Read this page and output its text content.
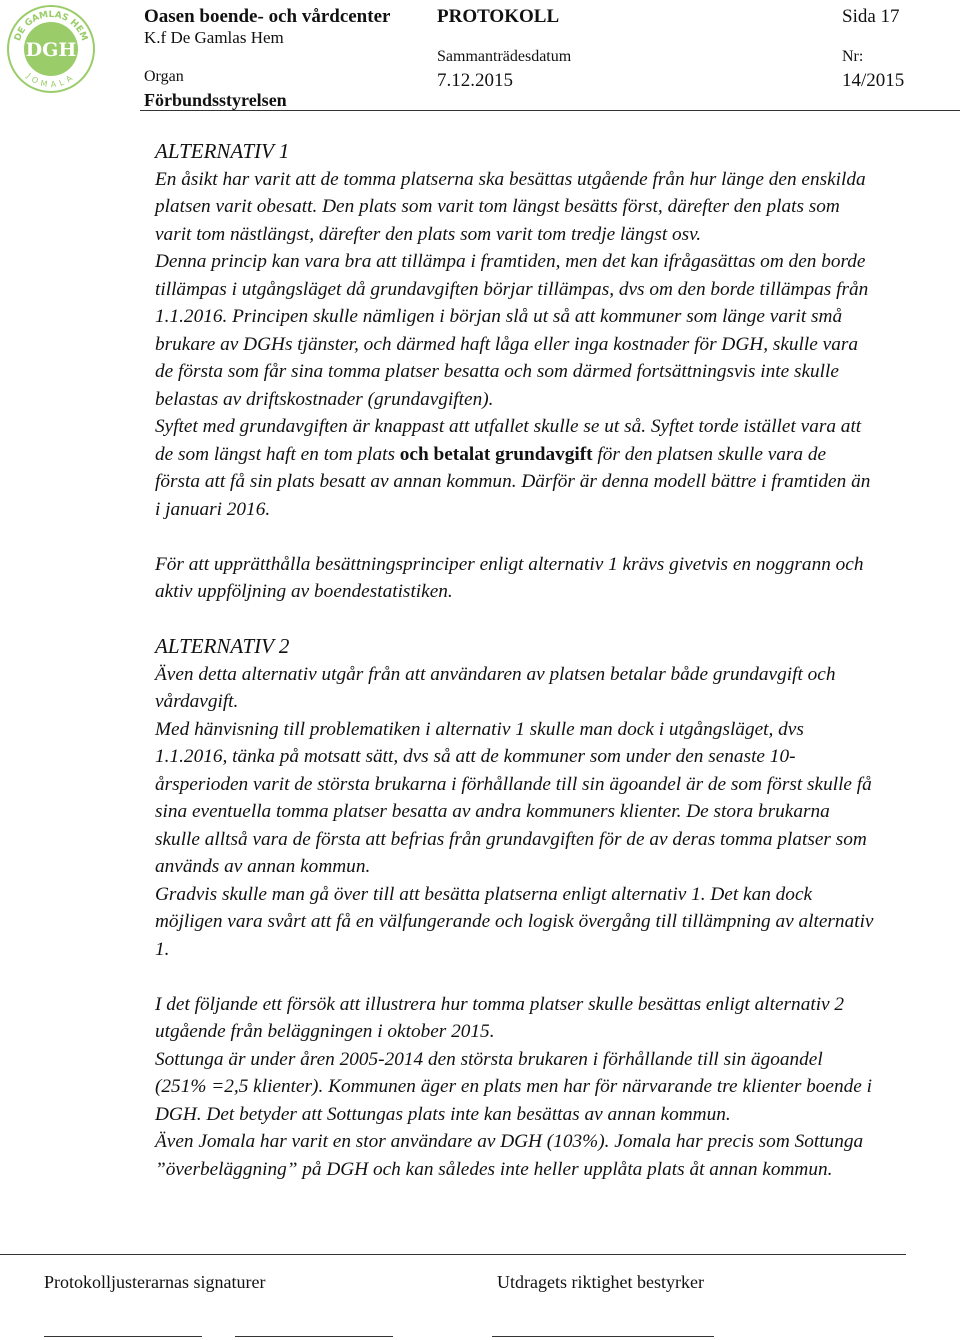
DE GAMLAS HEM
JOMALA
DGH
Oasen boende- och vårdcenter
K.f De Gamlas Hem
Organ
Förbundsstyrelsen
PROTOKOLL
Sammanträdesdatum
7.12.2015
Sida 17
Nr:
14/2015

ALTERNATIV 1

En åsikt har varit att de tomma platserna ska besättas utgående från hur länge den enskilda platsen varit obesatt. Den plats som varit tom längst besätts först, därefter den plats som varit tom nästlängst, därefter den plats som varit tom tredje längst osv.

Denna princip kan vara bra att tillämpa i framtiden, men det kan ifrågasättas om den borde tillämpas i utgångsläget då grundavgiften börjar tillämpas, dvs om den borde tillämpas från 1.1.2016. Principen skulle nämligen i början slå ut så att kommuner som länge varit små brukare av DGHs tjänster, och därmed haft låga eller inga kostnader för DGH, skulle vara de första som får sina tomma platser besatta och som därmed fortsättningsvis inte skulle belastas av driftskostnader (grundavgiften).

Syftet med grundavgiften är knappast att utfallet skulle se ut så. Syftet torde istället vara att de som längst haft en tom plats och betalat grundavgift för den platsen skulle vara de första att få sin plats besatt av annan kommun. Därför är denna modell bättre i framtiden än i januari 2016.

För att upprätthålla besättningsprinciper enligt alternativ 1 krävs givetvis en noggrann och aktiv uppföljning av boendestatistiken.

ALTERNATIV 2

Även detta alternativ utgår från att användaren av platsen betalar både grundavgift och vårdavgift.

Med hänvisning till problematiken i alternativ 1 skulle man dock i utgångsläget, dvs 1.1.2016, tänka på motsatt sätt, dvs så att de kommuner som under den senaste 10-årsperioden varit de största brukarna i förhållande till sin ägoandel är de som först skulle få sina eventuella tomma platser besatta av andra kommuners klienter. De stora brukarna skulle alltså vara de första att befrias från grundavgiften för de av deras tomma platser som används av annan kommun.

Gradvis skulle man gå över till att besätta platserna enligt alternativ 1. Det kan dock möjligen vara svårt att få en välfungerande och logisk övergång till tillämpning av alternativ 1.

I det följande ett försök att illustrera hur tomma platser skulle besättas enligt alternativ 2 utgående från beläggningen i oktober 2015.

Sottunga är under åren 2005-2014 den största brukaren i förhållande till sin ägoandel (251% =2,5 klienter). Kommunen äger en plats men har för närvarande tre klienter boende i DGH. Det betyder att Sottungas plats inte kan besättas av annan kommun.

Även Jomala har varit en stor användare av DGH (103%). Jomala har precis som Sottunga ”överbeläggning” på DGH och kan således inte heller upplåta plats åt annan kommun.

Protokolljusterarnas signaturer	Utdragets riktighet bestyrker
